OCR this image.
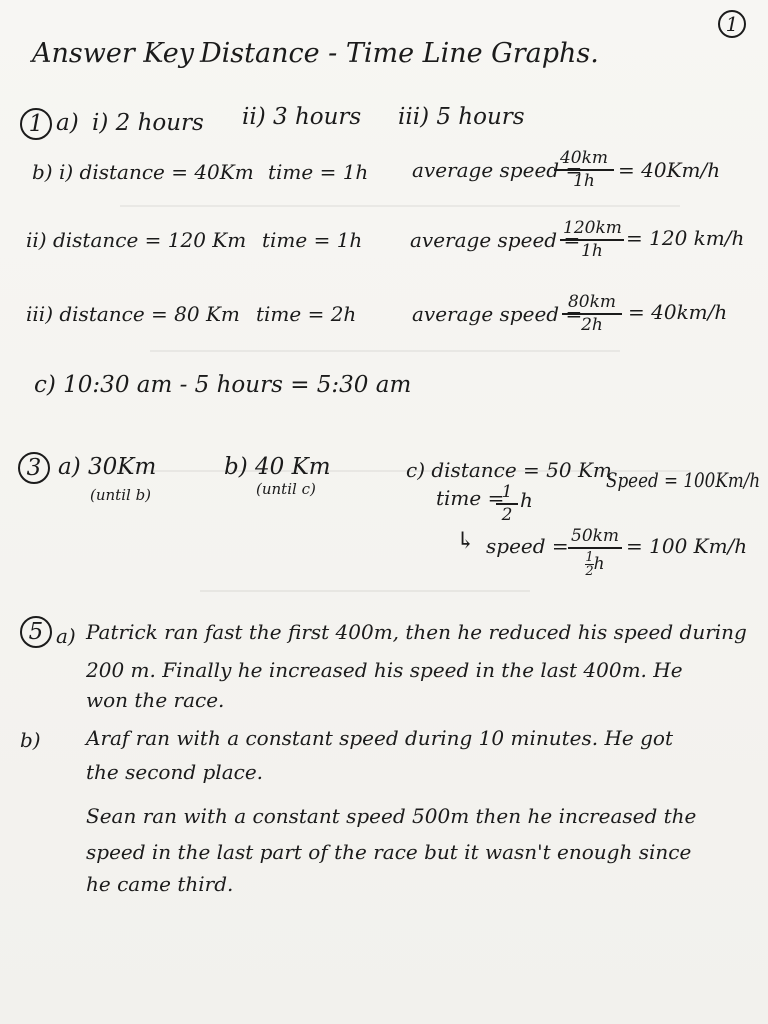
1
Answer Key Distance - Time Line Graphs.
1 a) i) 2 hours ii) 3 hours iii) 5 hours
b) i) distance = 40Km time = 1h average speed =
40km
1h	= 40Km/h
ii) distance = 120 Km time = 1h average speed =
120km
1h
= 120 km/h
iii) distance = 80 Km time = 2h	average speed =
80km
2h
= 40km/h
c) 10:30 am - 5 hours = 5:30 am
3 a) 30Km
(until b)
b) 40 Km
(until c)
c) distance = 50 Km
time =
1
2
h
Speed = 100Km/h
↳ speed = 50km
$\frac{1}{2}$ h
= 100 Km/h
5 a) Patrick ran fast the first 400m, then he reduced his speed during
200 m. Finally he increased his speed in the last 400m. He
won the race.
b) Araf ran with a constant speed during 10 minutes. He got
the second place.
Sean ran with a constant speed 500m then he increased the
speed in the last part of the race but it wasn't enough since
he came third.
